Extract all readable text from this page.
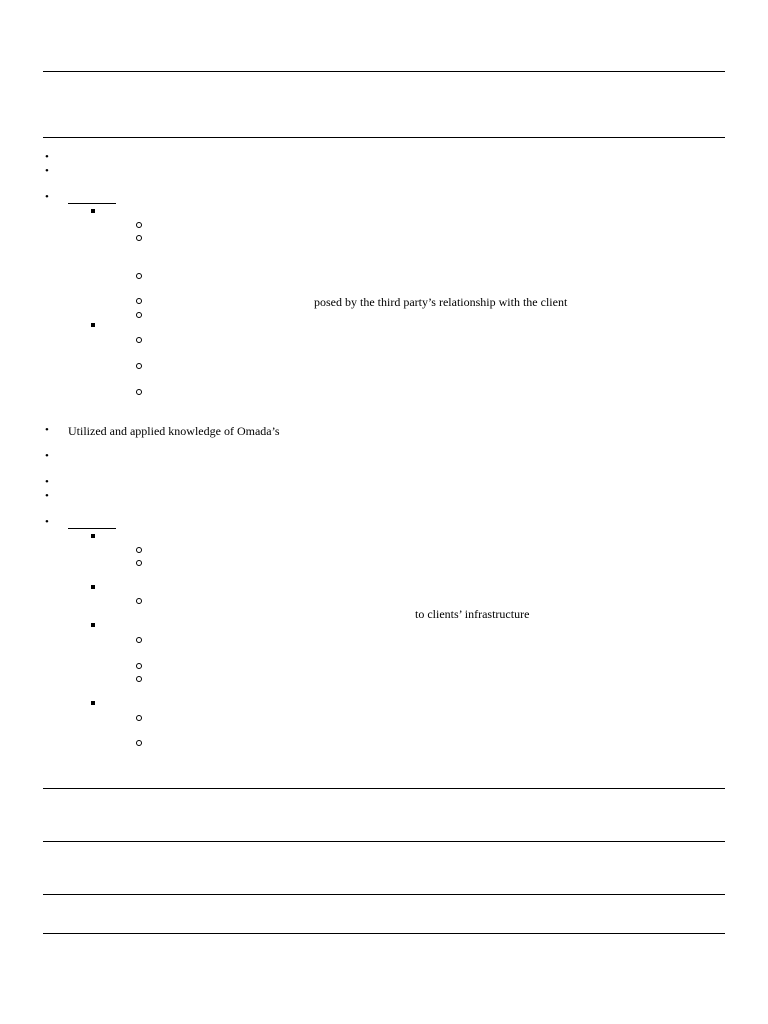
•
•
•
posed by the third party’s relationship with the client
• Utilized and applied knowledge of Omada’s
•
•
•
•
to clients’ infrastructure
